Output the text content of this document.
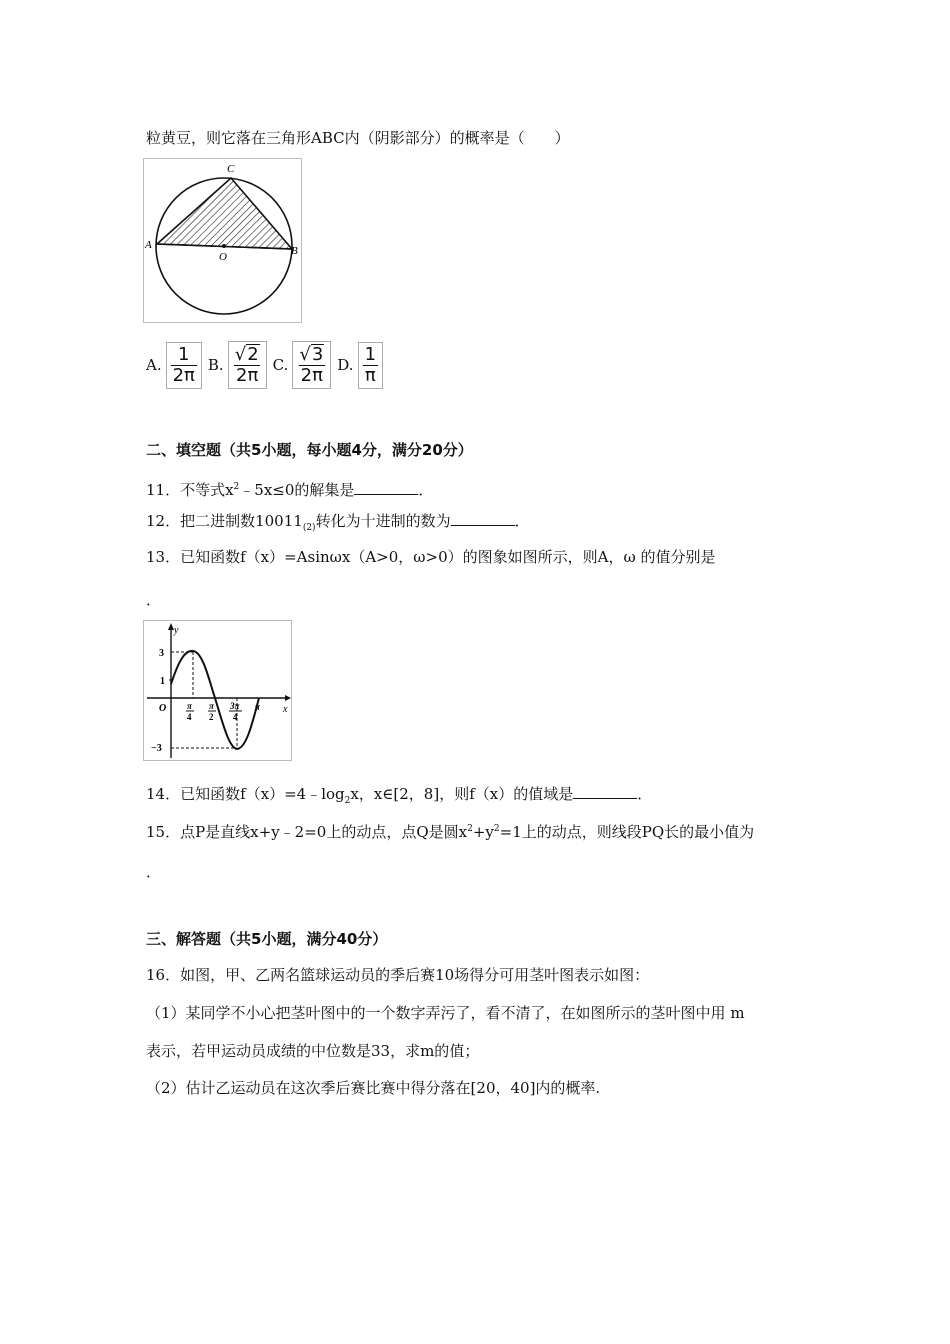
粒黄豆，则它落在三角形ABC内（阴影部分）的概率是（　　）
A	B
C
O
A. $\frac{1}{2\pi} B$. $\frac{√ 2}{2\pi} C$. $\frac{√ 3}{2\pi} D$. $\frac{1}{\pi}$
二、填空题（共5小题，每小题4分，满分20分）
11．不等式$x^2﹣5x\le 0$的解集是	．
12．把二进制数$10011_{(2)}$转化为十进制的数为	．
13．已知函数f（x）=Asinωx（A>0，ω>0）的图象如图所示，则A，ω 的值分别是
．
y
x
O
3
1
−3
π
4
π
2
3π
4
π
14．已知函数$f(x)=4﹣\log_2x$，x∈[2，8]，则f（x）的值域是	．
15．点P是直线x+y﹣2=0上的动点，点Q是圆$x^2+y^2=1$上的动点，则线段PQ长的最小值为
．
三、解答题（共5小题，满分40分）
16．如图，甲、乙两名篮球运动员的季后赛10场得分可用茎叶图表示如图：
（1）某同学不小心把茎叶图中的一个数字弄污了，看不清了，在如图所示的茎叶图中用 m
表示，若甲运动员成绩的中位数是33，求m的值；
（2）估计乙运动员在这次季后赛比赛中得分落在[20，40]内的概率.
